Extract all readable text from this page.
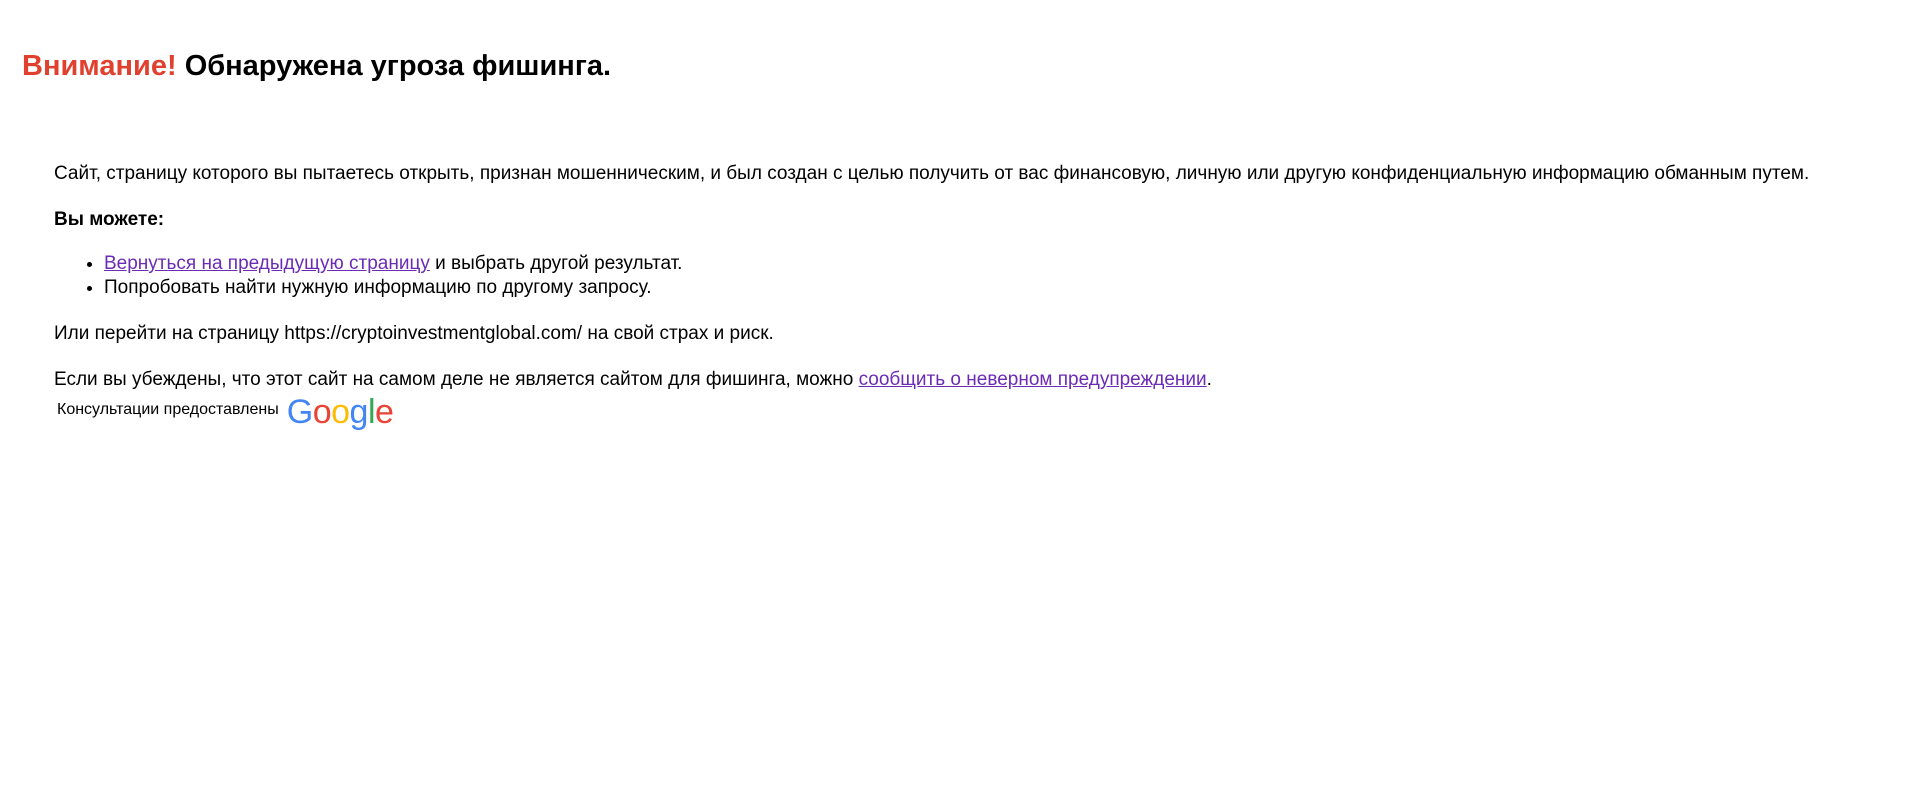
Внимание! Обнаружена угроза фишинга.

Сайт, страницу которого вы пытаетесь открыть, признан мошенническим, и был создан с целью получить от вас финансовую, личную или другую конфиденциальную информацию обманным путем.

Вы можете:

• Вернуться на предыдущую страницу и выбрать другой результат.
• Попробовать найти нужную информацию по другому запросу.

Или перейти на страницу https://cryptoinvestmentglobal.com/ на свой страх и риск.

Если вы убеждены, что этот сайт на самом деле не является сайтом для фишинга, можно сообщить о неверном предупреждении.

Консультации предоставлены Google
